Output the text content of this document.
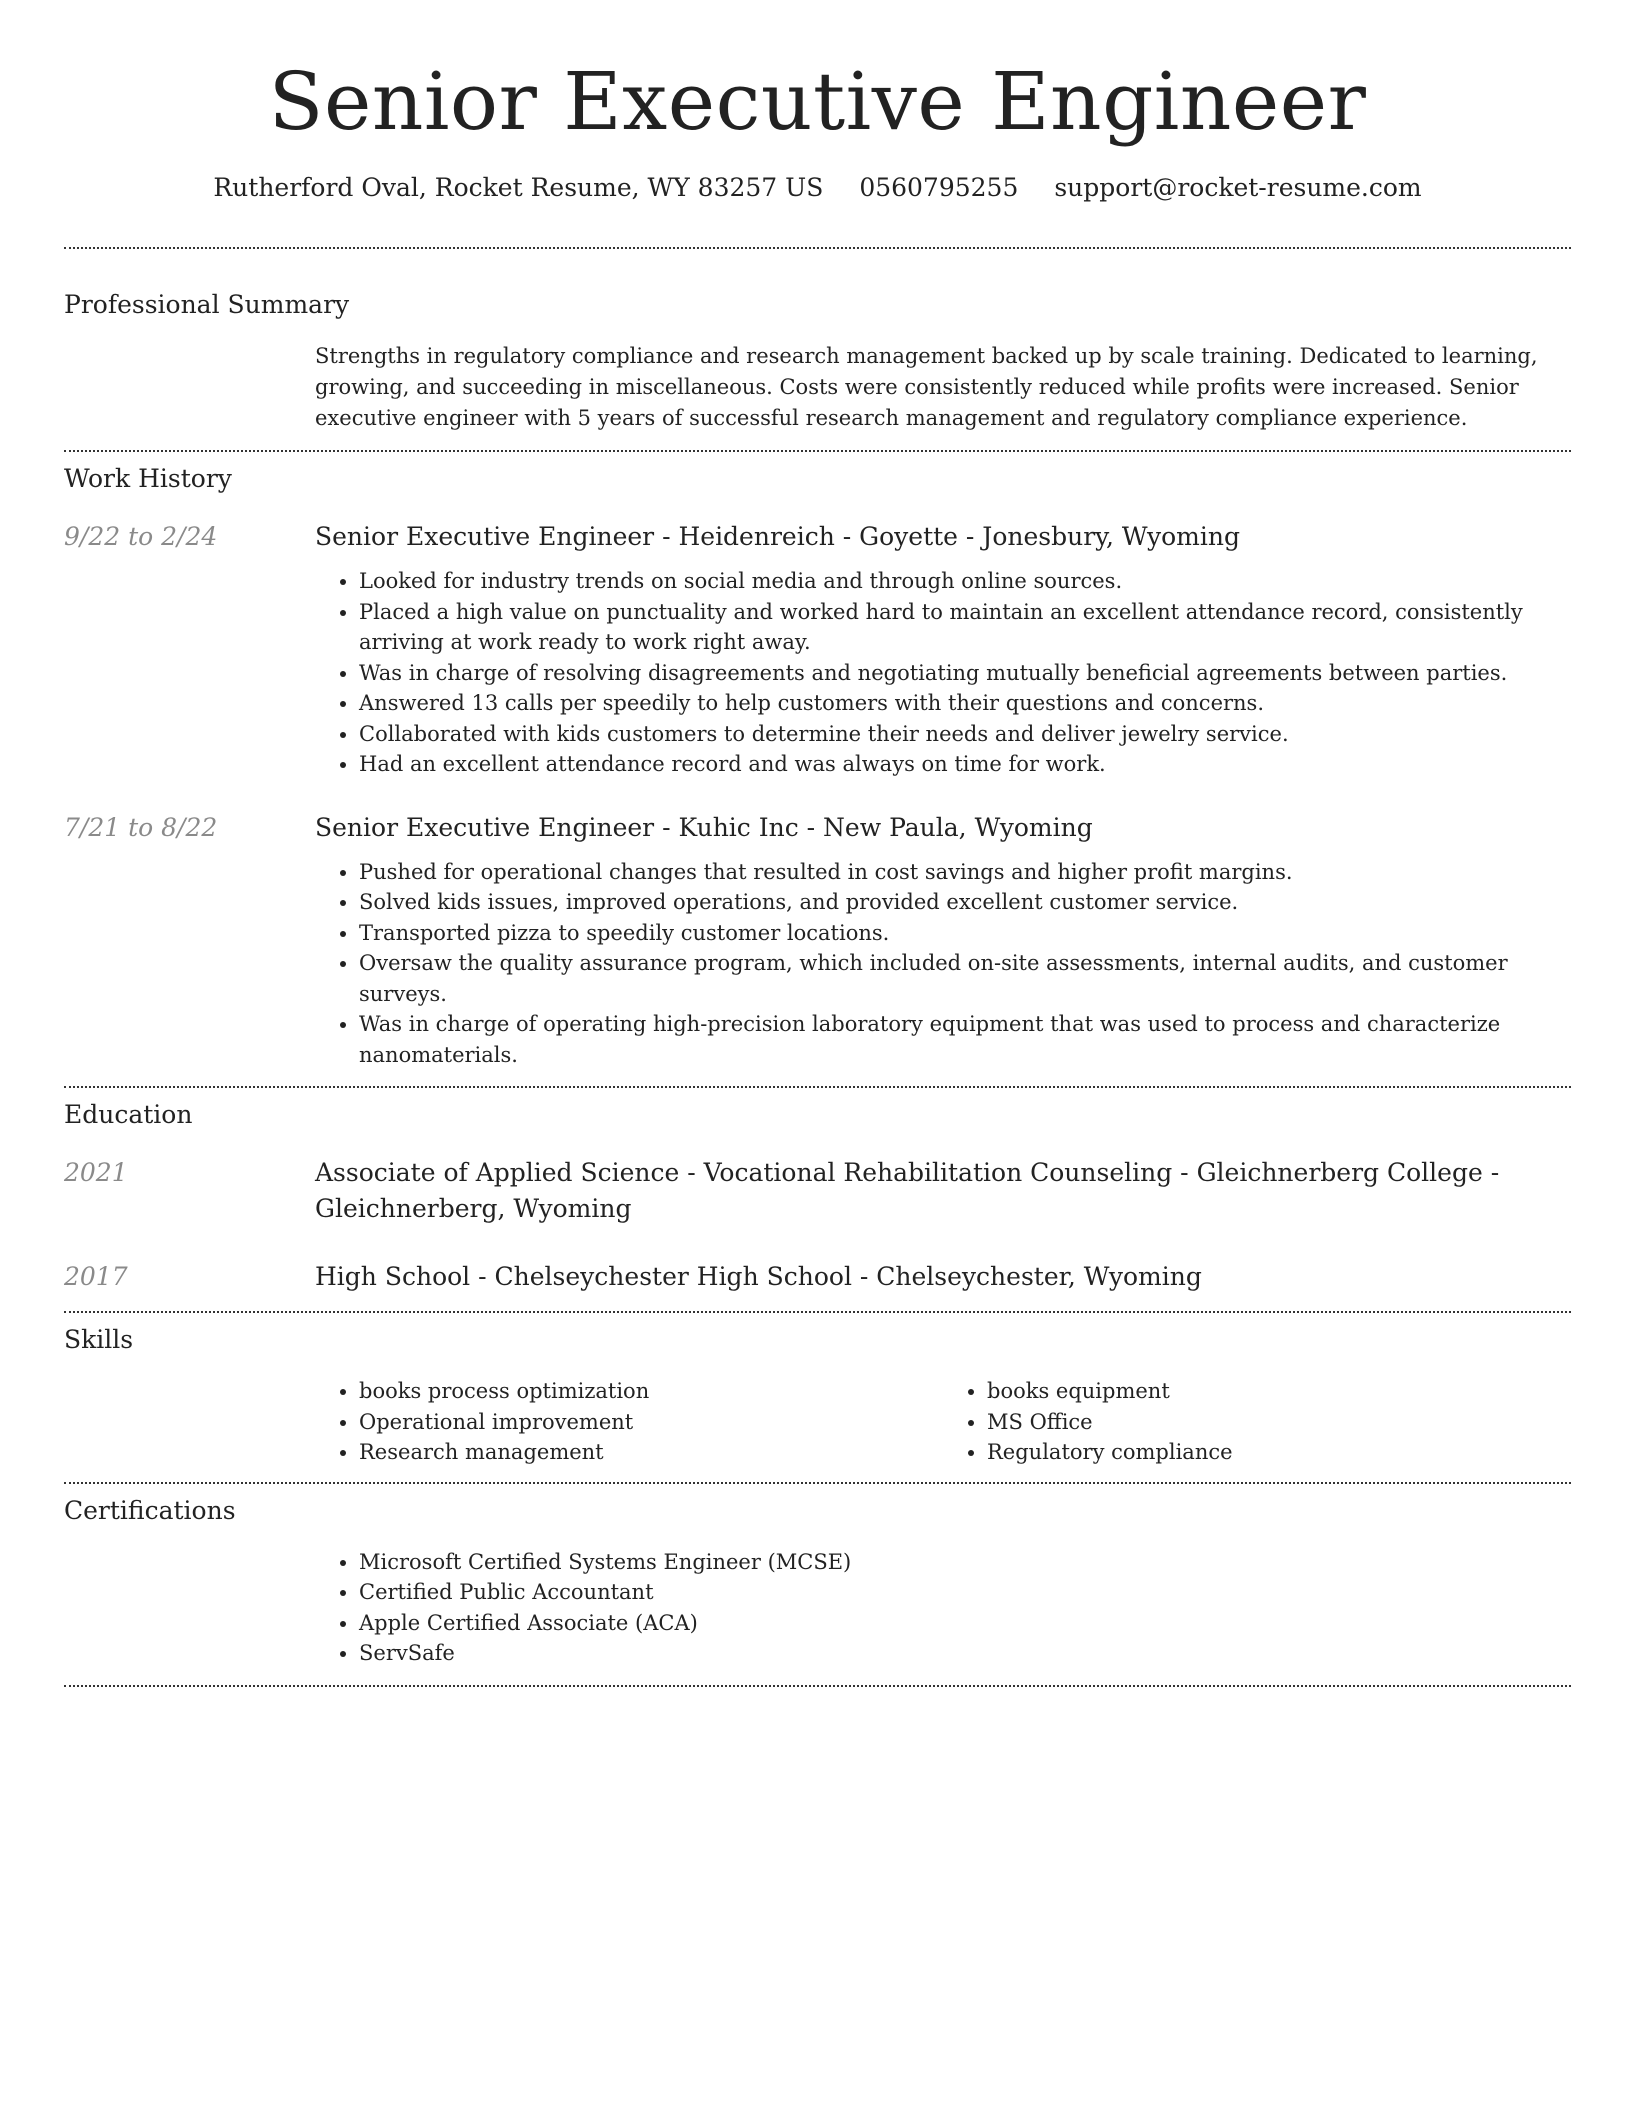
Senior Executive Engineer
Rutherford Oval, Rocket Resume, WY 83257 US 0560795255 support@rocket-resume.com
Professional Summary

Strengths in regulatory compliance and research management backed up by scale training. Dedicated to learning, growing, and succeeding in miscellaneous. Costs were consistently reduced while profits were increased. Senior executive engineer with 5 years of successful research management and regulatory compliance experience.

Work History
9/22 to 2/24	Senior Executive Engineer - Heidenreich - Goyette - Jonesbury, Wyoming

• Looked for industry trends on social media and through online sources.
• Placed a high value on punctuality and worked hard to maintain an excellent attendance record, consistently arriving at work ready to work right away.
• Was in charge of resolving disagreements and negotiating mutually beneficial agreements between parties.
• Answered 13 calls per speedily to help customers with their questions and concerns.
• Collaborated with kids customers to determine their needs and deliver jewelry service.
• Had an excellent attendance record and was always on time for work.
7/21 to 8/22	Senior Executive Engineer - Kuhic Inc - New Paula, Wyoming

• Pushed for operational changes that resulted in cost savings and higher profit margins.
• Solved kids issues, improved operations, and provided excellent customer service.
• Transported pizza to speedily customer locations.
• Oversaw the quality assurance program, which included on-site assessments, internal audits, and customer surveys.
• Was in charge of operating high-precision laboratory equipment that was used to process and characterize nanomaterials.
Education
2021	Associate of Applied Science - Vocational Rehabilitation Counseling - Gleichnerberg College - Gleichnerberg, Wyoming

2017	High School - Chelseychester High School - Chelseychester, Wyoming

Skills
• books process optimization
• Operational improvement
• Research management
• books equipment
• MS Office
• Regulatory compliance
Certifications
• Microsoft Certified Systems Engineer (MCSE)
• Certified Public Accountant
• Apple Certified Associate (ACA)
• ServSafe
